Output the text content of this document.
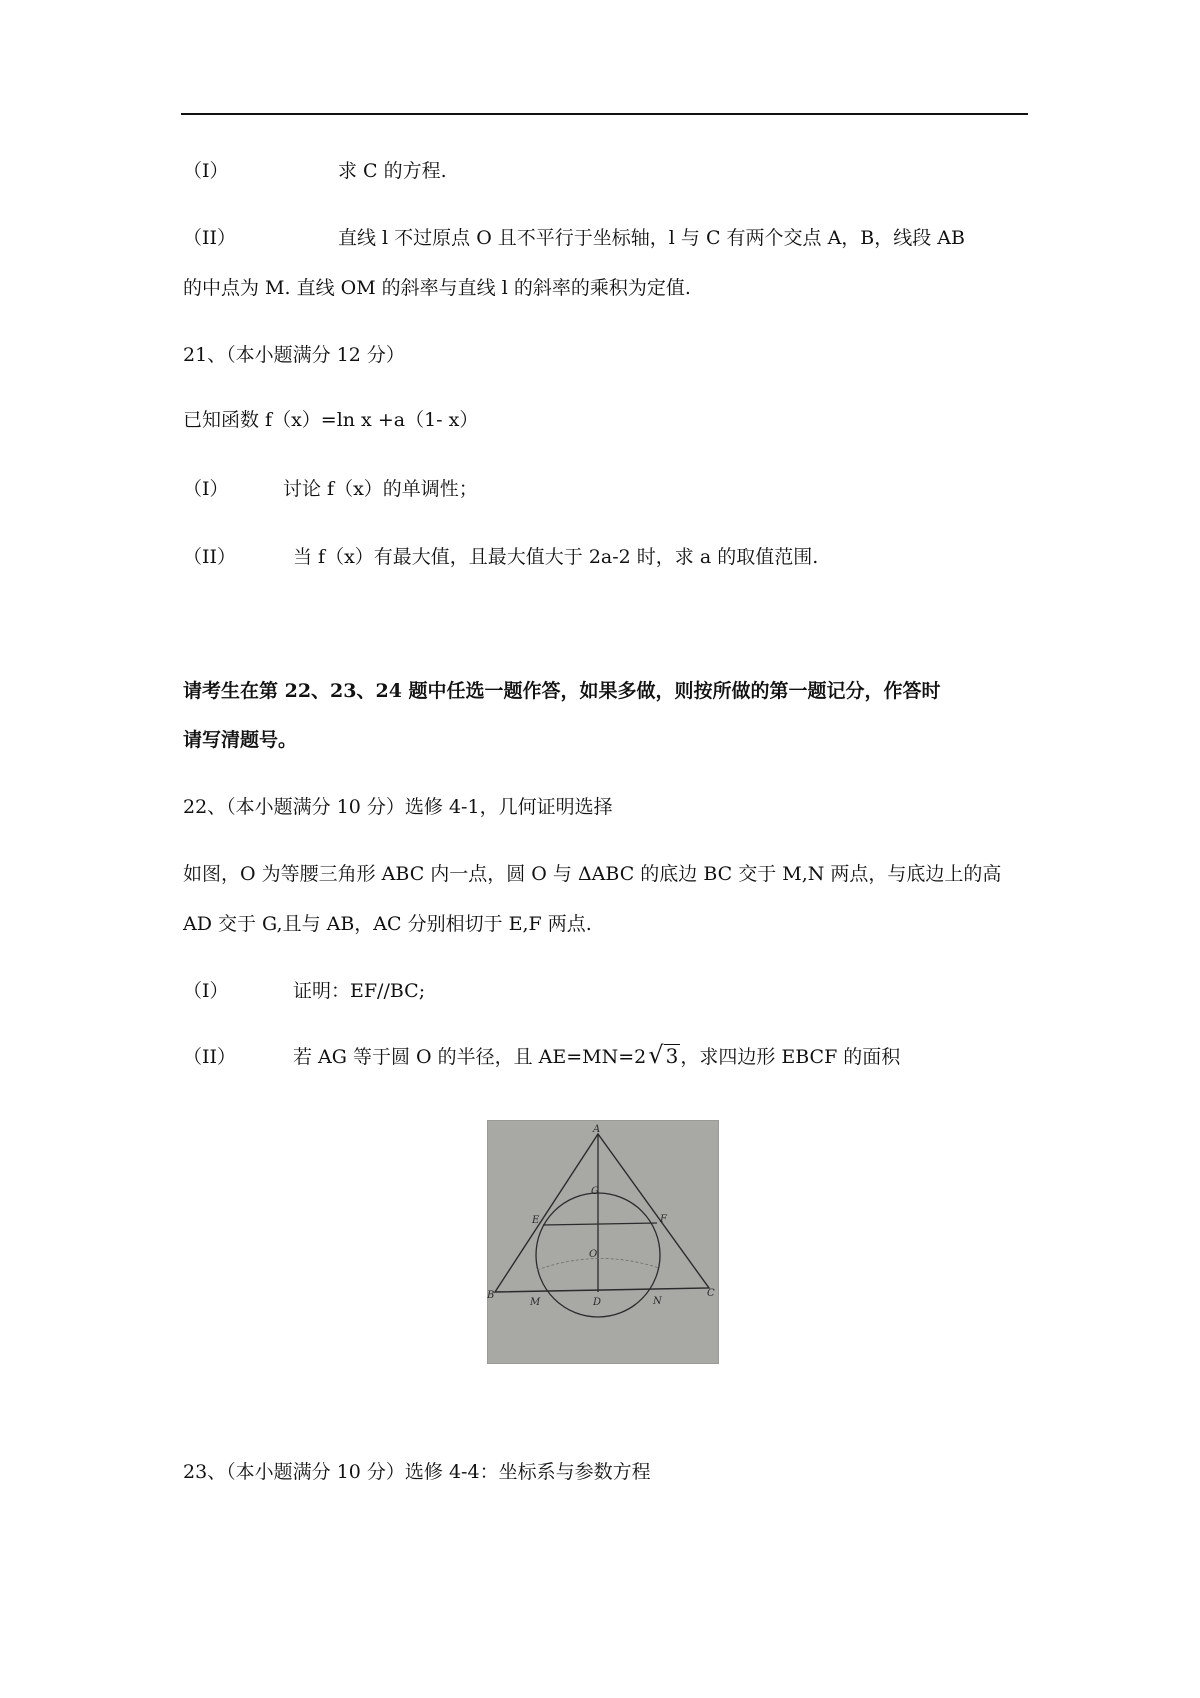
（I）	求 C 的方程.
（II）	直线 l 不过原点 O 且不平行于坐标轴，l 与 C 有两个交点 A，B，线段 AB
的中点为 M. 直线 OM 的斜率与直线 l 的斜率的乘积为定值.
21、（本小题满分 12 分）
已知函数 f（x）=ln x +a（1- x）
（I）	讨论 f（x）的单调性；
（II）	当 f（x）有最大值，且最大值大于 2a-2 时，求 a 的取值范围.
请考生在第 22、23、24 题中任选一题作答，如果多做，则按所做的第一题记分，作答时
请写清题号。
22、（本小题满分 10 分）选修 4-1，几何证明选择
如图，O 为等腰三角形 ABC 内一点，圆 O 与 ΔABC 的底边 BC 交于 M,N 两点，与底边上的高
AD 交于 G,且与 AB，AC 分别相切于 E,F 两点.
（I）	证明：EF//BC;
（II）	若 AG 等于圆 O 的半径，且 AE=MN=2√ 3 ，求四边形 EBCF 的面积
A
G
E	F
O
B
M	D	N
C
23、（本小题满分 10 分）选修 4-4：坐标系与参数方程
